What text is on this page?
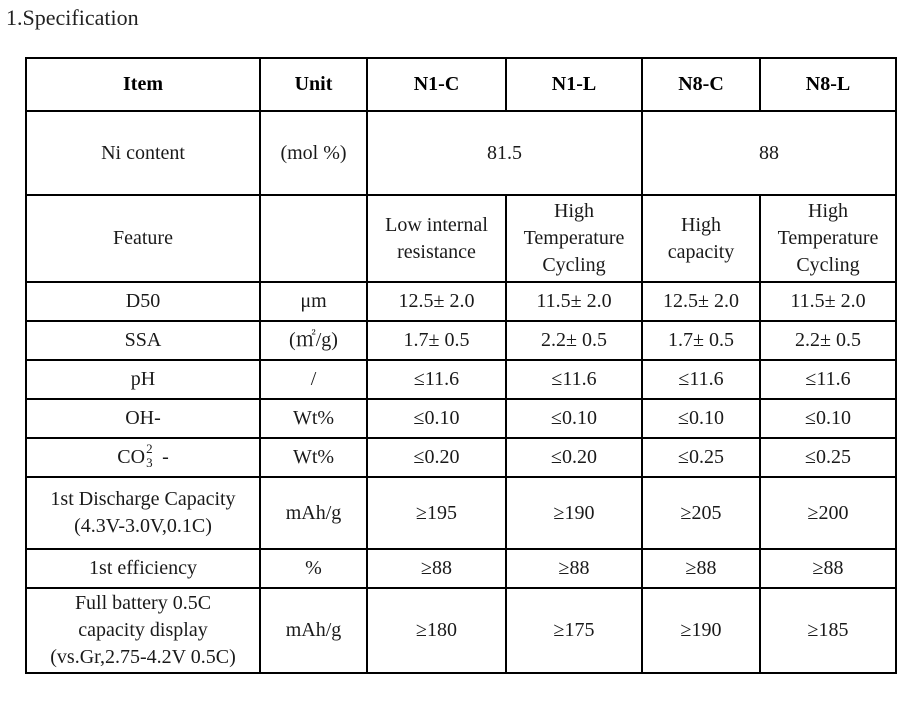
1.Specification
Item	Unit	N1-C	N1-L	N8-C	N8-L
Ni content	(mol %)	81.5		88	
Feature		Low internal resistance	High Temperature Cycling	High capacity	High Temperature Cycling
D50	μm	12.5± 2.0	11.5± 2.0	12.5± 2.0	11.5± 2.0
SSA	(㎡/g)	1.7± 0.5	2.2± 0.5	1.7± 0.5	2.2± 0.5
pH	/	≤11.6	≤11.6	≤11.6	≤11.6
OH-	Wt%	≤0.10	≤0.10	≤0.10	≤0.10
CO 2
3 -	Wt%	≤0.20	≤0.20	≤0.25	≤0.25

1st Discharge Capacity
(4.3V-3.0V,0.1C)	mAh/g	≥195	≥190	≥205	≥200
1st efficiency	%	≥88	≥88	≥88	≥88

Full battery 0.5C
capacity display
(vs.Gr,2.75-4.2V 0.5C)	mAh/g	≥180	≥175	≥190	≥185
